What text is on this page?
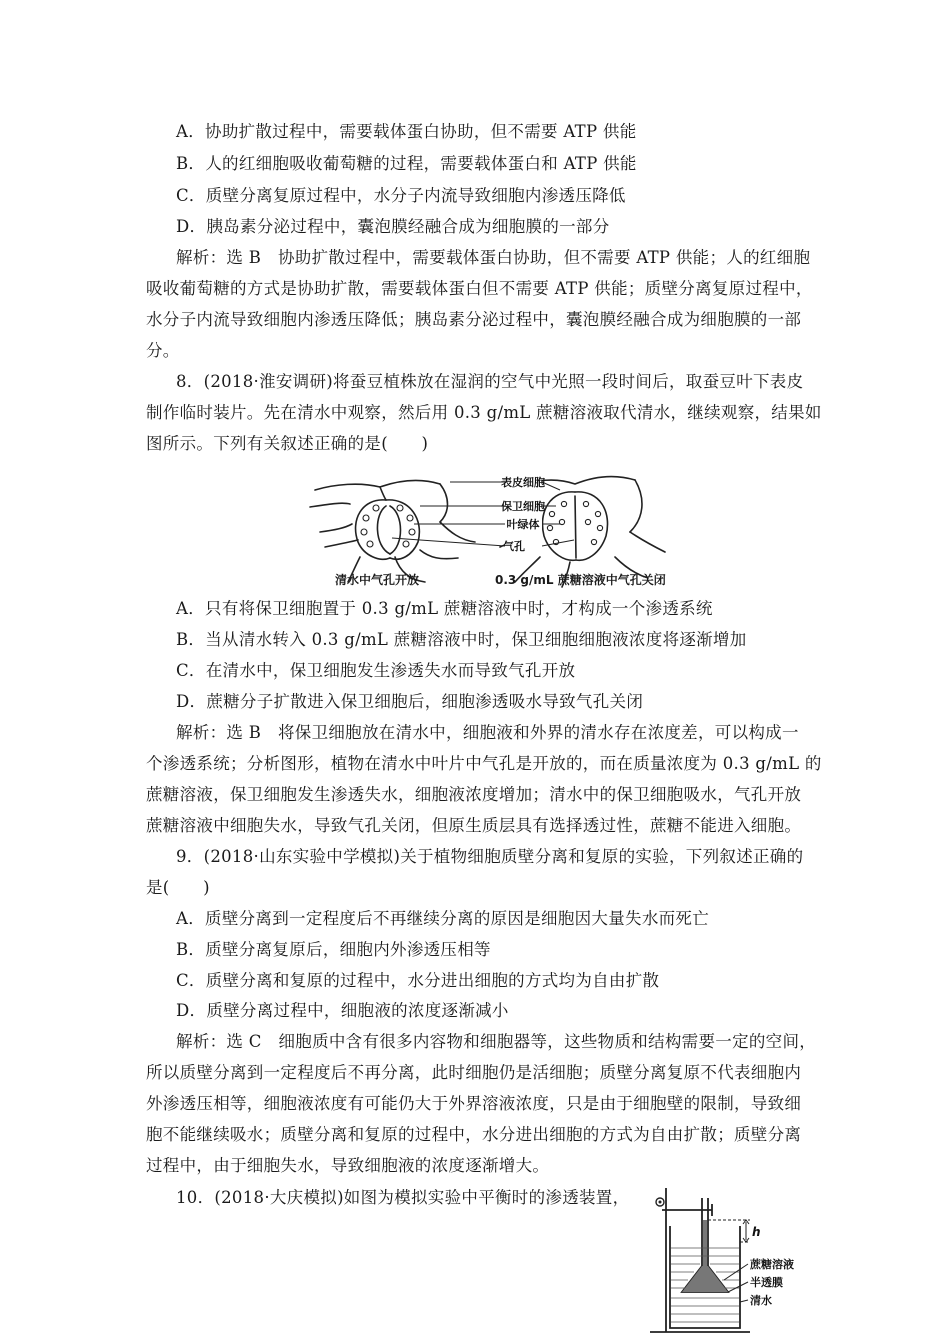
A．协助扩散过程中，需要载体蛋白协助，但不需要 ATP 供能
B．人的红细胞吸收葡萄糖的过程，需要载体蛋白和 ATP 供能
C．质壁分离复原过程中，水分子内流导致细胞内渗透压降低
D．胰岛素分泌过程中，囊泡膜经融合成为细胞膜的一部分
解析：选 B　协助扩散过程中，需要载体蛋白协助，但不需要 ATP 供能；人的红细胞
吸收葡萄糖的方式是协助扩散，需要载体蛋白但不需要 ATP 供能；质壁分离复原过程中，
水分子内流导致细胞内渗透压降低；胰岛素分泌过程中，囊泡膜经融合成为细胞膜的一部
分。
8．(2018·淮安调研)将蚕豆植株放在湿润的空气中光照一段时间后，取蚕豆叶下表皮
制作临时装片。先在清水中观察，然后用 0.3 g/mL 蔗糖溶液取代清水，继续观察，结果如
图所示。下列有关叙述正确的是(　　)
表皮细胞
保卫细胞
叶绿体
气孔
清水中气孔开放	0.3 g/mL 蔗糖溶液中气孔关闭
A．只有将保卫细胞置于 0.3 g/mL 蔗糖溶液中时，才构成一个渗透系统
B．当从清水转入 0.3 g/mL 蔗糖溶液中时，保卫细胞细胞液浓度将逐渐增加
C．在清水中，保卫细胞发生渗透失水而导致气孔开放
D．蔗糖分子扩散进入保卫细胞后，细胞渗透吸水导致气孔关闭
解析：选 B　将保卫细胞放在清水中，细胞液和外界的清水存在浓度差，可以构成一
个渗透系统；分析图形，植物在清水中叶片中气孔是开放的，而在质量浓度为 0.3 g/mL 的
蔗糖溶液，保卫细胞发生渗透失水，细胞液浓度增加；清水中的保卫细胞吸水，气孔开放
蔗糖溶液中细胞失水，导致气孔关闭，但原生质层具有选择透过性，蔗糖不能进入细胞。
9．(2018·山东实验中学模拟)关于植物细胞质壁分离和复原的实验，下列叙述正确的
是(　　)
A．质壁分离到一定程度后不再继续分离的原因是细胞因大量失水而死亡
B．质壁分离复原后，细胞内外渗透压相等
C．质壁分离和复原的过程中，水分进出细胞的方式均为自由扩散
D．质壁分离过程中，细胞液的浓度逐渐减小
解析：选 C　细胞质中含有很多内容物和细胞器等，这些物质和结构需要一定的空间，
所以质壁分离到一定程度后不再分离，此时细胞仍是活细胞；质壁分离复原不代表细胞内
外渗透压相等，细胞液浓度有可能仍大于外界溶液浓度，只是由于细胞壁的限制，导致细
胞不能继续吸水；质壁分离和复原的过程中，水分进出细胞的方式为自由扩散；质壁分离
过程中，由于细胞失水，导致细胞液的浓度逐渐增大。
10．(2018·大庆模拟)如图为模拟实验中平衡时的渗透装置，
h
蔗糖溶液
半透膜
清水
